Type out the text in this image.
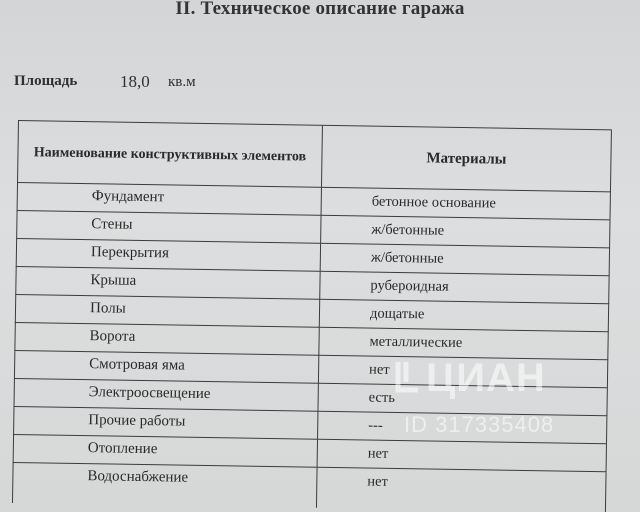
II. Техническое описание гаража
Площадь	18,0 кв.м
Наименование конструктивных элементов	Материалы
Фундамент	бетонное основание
Стены	ж/бетонные
Перекрытия	ж/бетонные
Крыша	рубероидная
Полы	дощатые
Ворота	металлические
Смотровая яма	нет
Электроосвещение	есть
Прочие работы	---
Отопление	нет
Водоснабжение	нет
ЦИАН
ID 317335408
